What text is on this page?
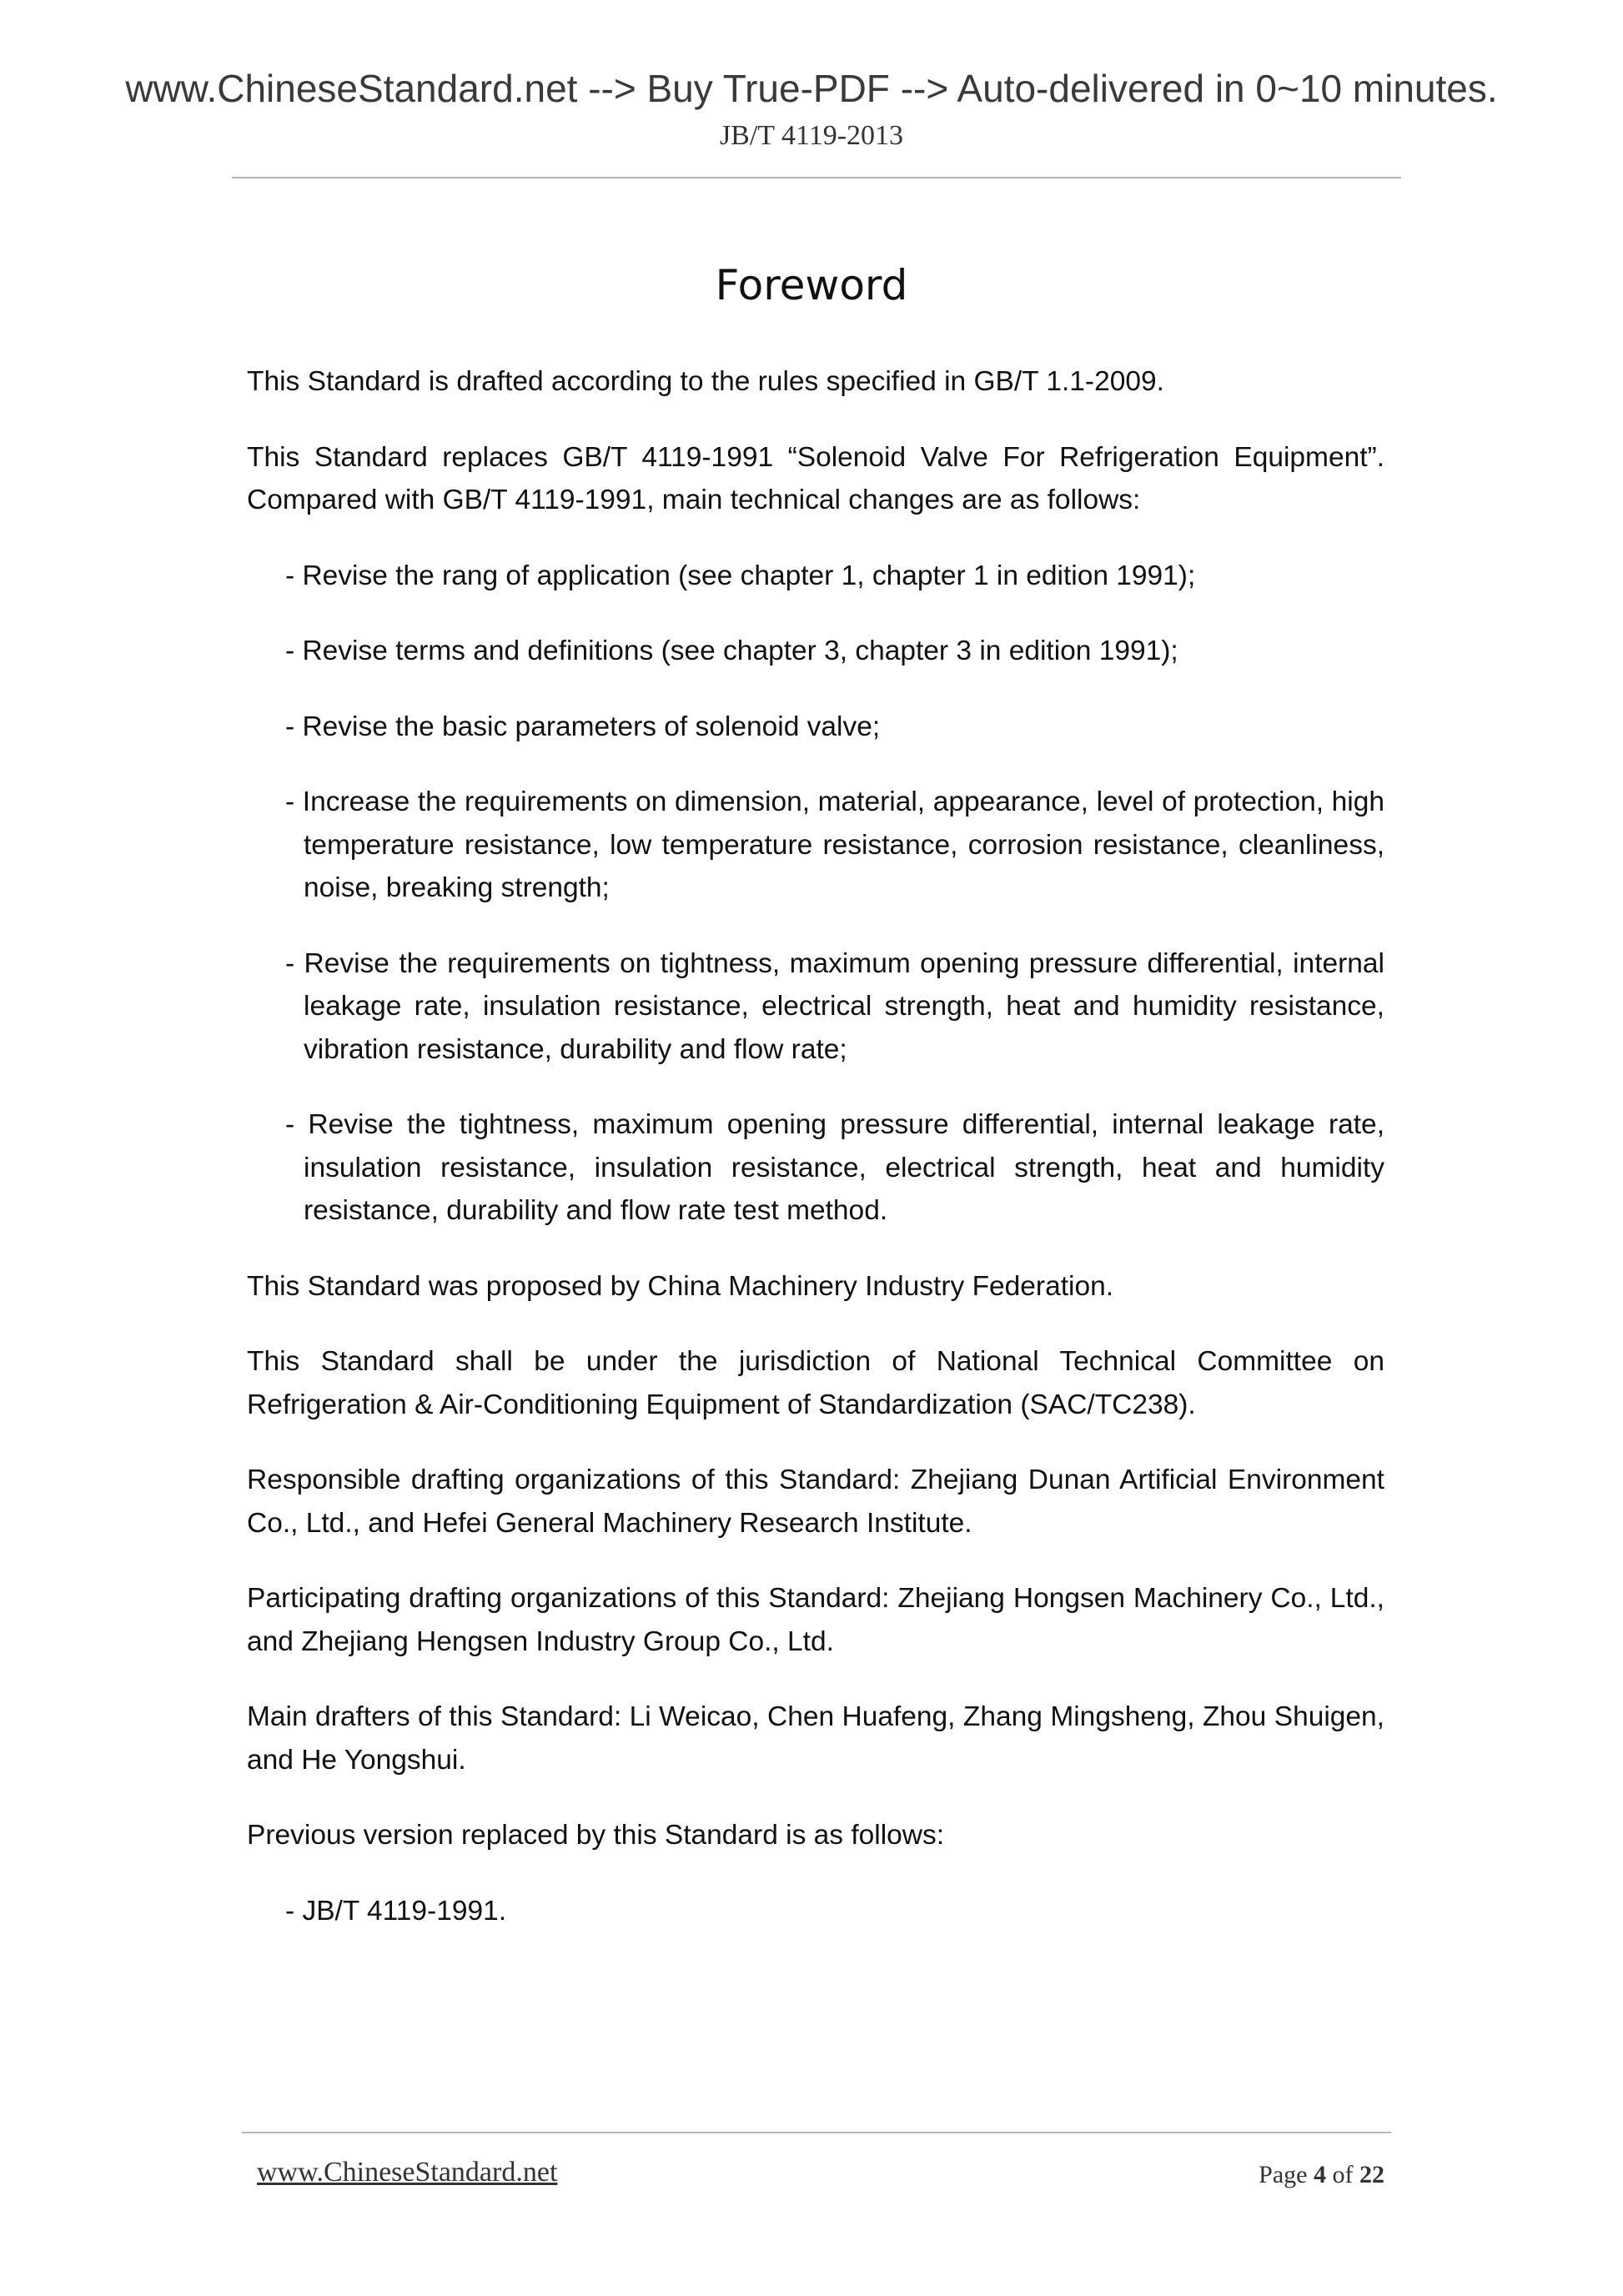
www.ChineseStandard.net --> Buy True-PDF --> Auto-delivered in 0~10 minutes.
JB/T 4119-2013
Foreword

This Standard is drafted according to the rules specified in GB/T 1.1-2009.

This Standard replaces GB/T 4119-1991 “Solenoid Valve For Refrigeration Equipment”. Compared with GB/T 4119-1991, main technical changes are as follows:

- Revise the rang of application (see chapter 1, chapter 1 in edition 1991);

- Revise terms and definitions (see chapter 3, chapter 3 in edition 1991);

- Revise the basic parameters of solenoid valve;

- Increase the requirements on dimension, material, appearance, level of protection, high temperature resistance, low temperature resistance, corrosion resistance, cleanliness, noise, breaking strength;

- Revise the requirements on tightness, maximum opening pressure differential, internal leakage rate, insulation resistance, electrical strength, heat and humidity resistance, vibration resistance, durability and flow rate;

- Revise the tightness, maximum opening pressure differential, internal leakage rate, insulation resistance, insulation resistance, electrical strength, heat and humidity resistance, durability and flow rate test method.

This Standard was proposed by China Machinery Industry Federation.

This Standard shall be under the jurisdiction of National Technical Committee on Refrigeration & Air-Conditioning Equipment of Standardization (SAC/TC238).

Responsible drafting organizations of this Standard: Zhejiang Dunan Artificial Environment Co., Ltd., and Hefei General Machinery Research Institute.

Participating drafting organizations of this Standard: Zhejiang Hongsen Machinery Co., Ltd., and Zhejiang Hengsen Industry Group Co., Ltd.

Main drafters of this Standard: Li Weicao, Chen Huafeng, Zhang Mingsheng, Zhou Shuigen, and He Yongshui.

Previous version replaced by this Standard is as follows:

- JB/T 4119-1991.

www.ChineseStandard.net	Page 4 of 22
